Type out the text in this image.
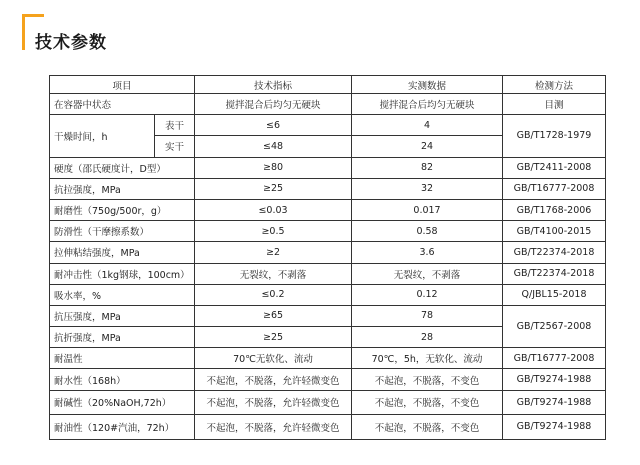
技术参数
项目		技术指标	实测数据	检测方法
在容器中状态		搅拌混合后均匀无硬块	搅拌混合后均匀无硬块	目测
干燥时间，h	表干	≤6	4	GB/T1728-1979
	实干	≤48	24	
硬度（邵氏硬度计，D型）		≥80	82	GB/T2411-2008
抗拉强度，MPa		≥25	32	GB/T16777-2008
耐磨性（750g/500r，g）		≤0.03	0.017	GB/T1768-2006
防滑性（干摩擦系数）		≥0.5	0.58	GB/T4100-2015
拉伸粘结强度，MPa		≥2	3.6	GB/T22374-2018
耐冲击性（1kg钢球，100cm）		无裂纹，不剥落	无裂纹，不剥落	GB/T22374-2018
吸水率，%		≤0.2	0.12	Q/JBL15-2018
抗压强度，MPa		≥65	78	GB/T2567-2008
抗折强度，MPa		≥25	28	
耐温性		70℃无软化、流动	70℃，5h，无软化、流动	GB/T16777-2008
耐水性（168h）		不起泡，不脱落，允许轻微变色	不起泡，不脱落，不变色	GB/T9274-1988
耐碱性（20%NaOH,72h）		不起泡，不脱落，允许轻微变色	不起泡，不脱落，不变色	GB/T9274-1988
耐油性（120#汽油，72h）		不起泡，不脱落，允许轻微变色	不起泡，不脱落，不变色	GB/T9274-1988
